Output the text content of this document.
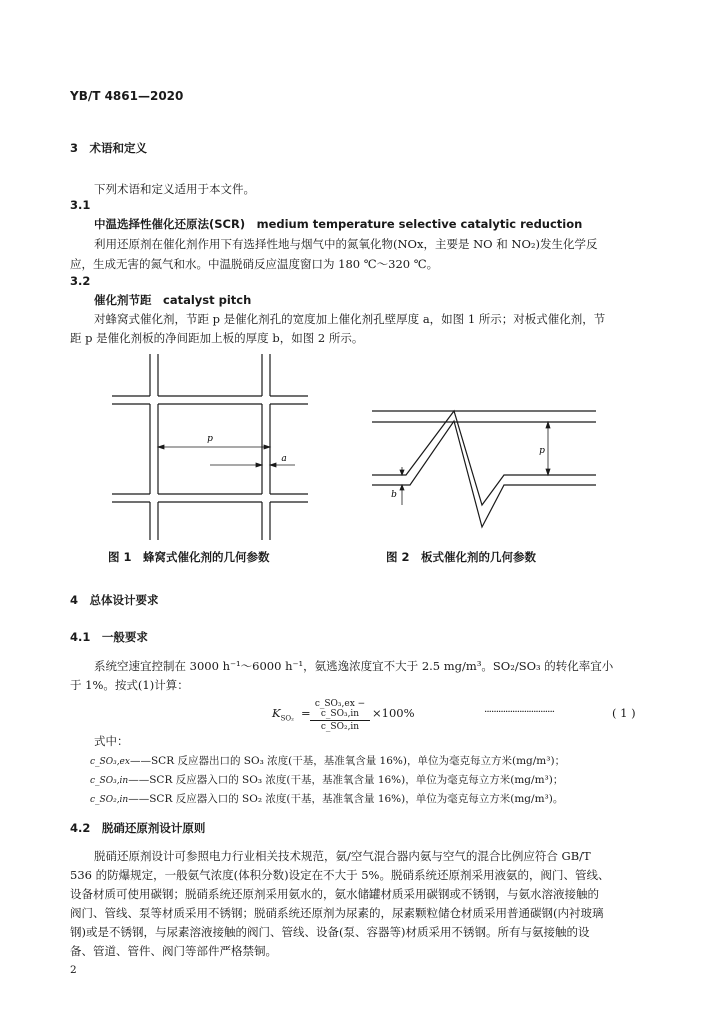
YB/T 4861—2020
3　术语和定义
下列术语和定义适用于本文件。
3.1
中温选择性催化还原法(SCR)　medium temperature selective catalytic reduction
利用还原剂在催化剂作用下有选择性地与烟气中的氮氧化物(NOx，主要是 NO 和 NO₂)发生化学反
应，生成无害的氮气和水。中温脱硝反应温度窗口为 180 ℃～320 ℃。
3.2
催化剂节距　catalyst pitch
对蜂窝式催化剂，节距 p 是催化剂孔的宽度加上催化剂孔壁厚度 a，如图 1 所示；对板式催化剂，节
距 p 是催化剂板的净间距加上板的厚度 b，如图 2 所示。
p
a
图 1　蜂窝式催化剂的几何参数
p
b
图 2　板式催化剂的几何参数
4　总体设计要求
4.1　一般要求
系统空速宜控制在 3000 h⁻¹～6000 h⁻¹，氨逃逸浓度宜不大于 2.5 mg/m³。SO₂/SO₃ 的转化率宜小
于 1%。按式(1)计算：
$K_{SO_2} = \frac{\text{c\_SO₃,ex − c\_SO₃,in}}{\text{c\_SO₂,in}} \times 100\%$	······························	( 1 )
式中：
c_SO₃,ex——SCR 反应器出口的 SO₃ 浓度(干基，基准氧含量 16%)，单位为毫克每立方米(mg/m³)；
c_SO₃,in——SCR 反应器入口的 SO₃ 浓度(干基，基准氧含量 16%)，单位为毫克每立方米(mg/m³)；
c_SO₂,in——SCR 反应器入口的 SO₂ 浓度(干基，基准氧含量 16%)，单位为毫克每立方米(mg/m³)。
4.2　脱硝还原剂设计原则
脱硝还原剂设计可参照电力行业相关技术规范，氨/空气混合器内氨与空气的混合比例应符合 GB/T
536 的防爆规定，一般氨气浓度(体积分数)设定在不大于 5%。脱硝系统还原剂采用液氨的，阀门、管线、
设备材质可使用碳钢；脱硝系统还原剂采用氨水的，氨水储罐材质采用碳钢或不锈钢，与氨水溶液接触的
阀门、管线、泵等材质采用不锈钢；脱硝系统还原剂为尿素的，尿素颗粒储仓材质采用普通碳钢(内衬玻璃
钢)或是不锈钢，与尿素溶液接触的阀门、管线、设备(泵、容器等)材质采用不锈钢。所有与氨接触的设
备、管道、管件、阀门等部件严格禁铜。
2
